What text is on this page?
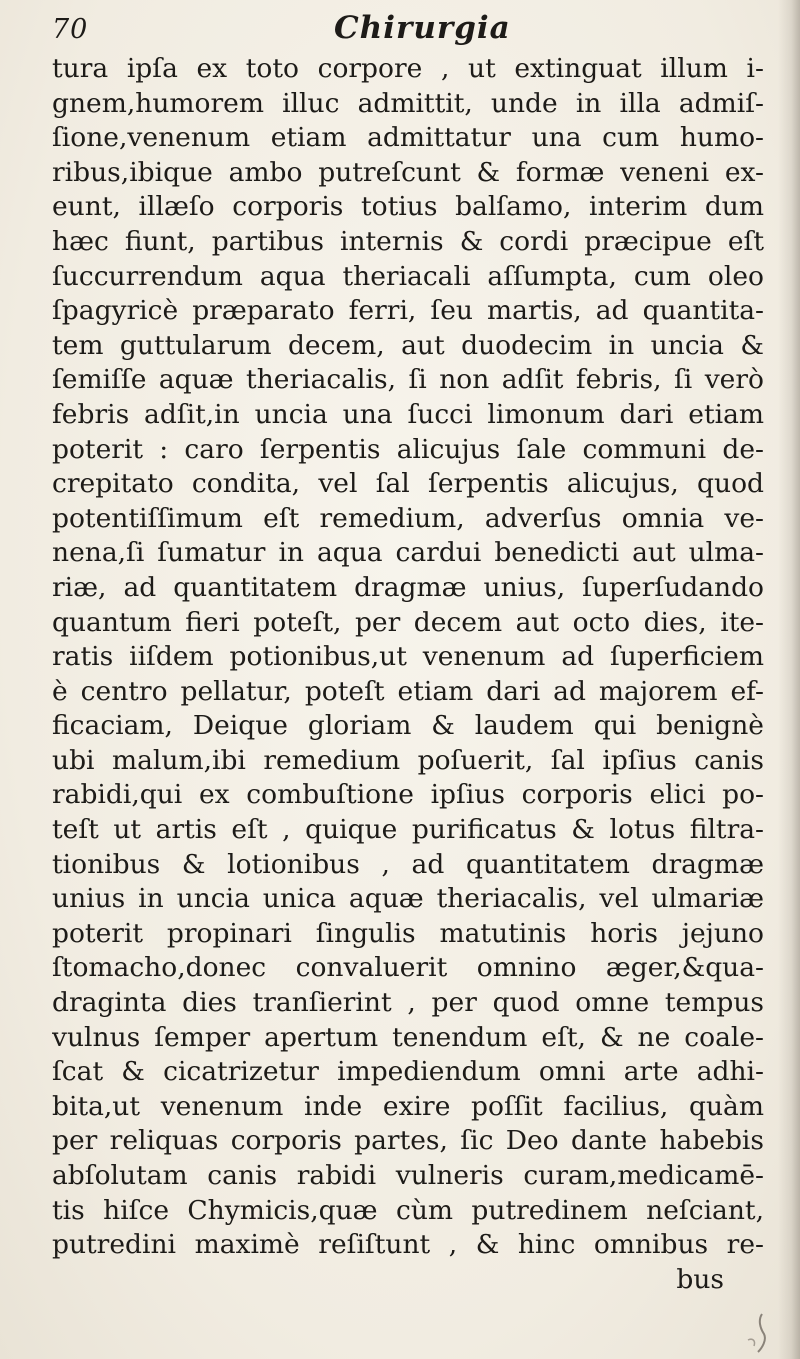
70	Chirurgia
tura ipſa ex toto corpore , ut extinguat illum i-
gnem,humorem illuc admittit, unde in illa admiſ-
ſione,venenum etiam admittatur una cum humo-
ribus,ibique ambo putreſcunt & formæ veneni ex-
eunt, illæſo corporis totius balſamo, interim dum
hæc fiunt, partibus internis & cordi præcipue eſt
ſuccurrendum aqua theriacali aſſumpta, cum oleo
ſpagyricè præparato ferri, ſeu martis, ad quantita-
tem guttularum decem, aut duodecim in uncia &
ſemiſſe aquæ theriacalis, ſi non adſit febris, ſi verò
febris adſit,in uncia una ſucci limonum dari etiam
poterit : caro ſerpentis alicujus ſale communi de-
crepitato condita, vel ſal ſerpentis alicujus, quod
potentiſſimum eſt remedium, adverſus omnia ve-
nena,ſi ſumatur in aqua cardui benedicti aut ulma-
riæ, ad quantitatem dragmæ unius, ſuperſudando
quantum fieri poteſt, per decem aut octo dies, ite-
ratis iiſdem potionibus,ut venenum ad ſuperficiem
è centro pellatur, poteſt etiam dari ad majorem ef-
ficaciam, Deique gloriam & laudem qui benignè
ubi malum,ibi remedium poſuerit, ſal ipſius canis
rabidi,qui ex combuſtione ipſius corporis elici po-
teſt ut artis eſt , quique purificatus & lotus filtra-
tionibus & lotionibus , ad quantitatem dragmæ
unius in uncia unica aquæ theriacalis, vel ulmariæ
poterit propinari ſingulis matutinis horis jejuno
ſtomacho,donec convaluerit omnino æger,&qua-
draginta dies tranſierint , per quod omne tempus
vulnus ſemper apertum tenendum eſt, & ne coale-
ſcat & cicatrizetur impediendum omni arte adhi-
bita,ut venenum inde exire poſſit facilius, quàm
per reliquas corporis partes, ſic Deo dante habebis
abſolutam canis rabidi vulneris curam,medicamē-
tis hiſce Chymicis,quæ cùm putredinem neſciant,
putredini maximè reſiſtunt , & hinc omnibus re-
bus
